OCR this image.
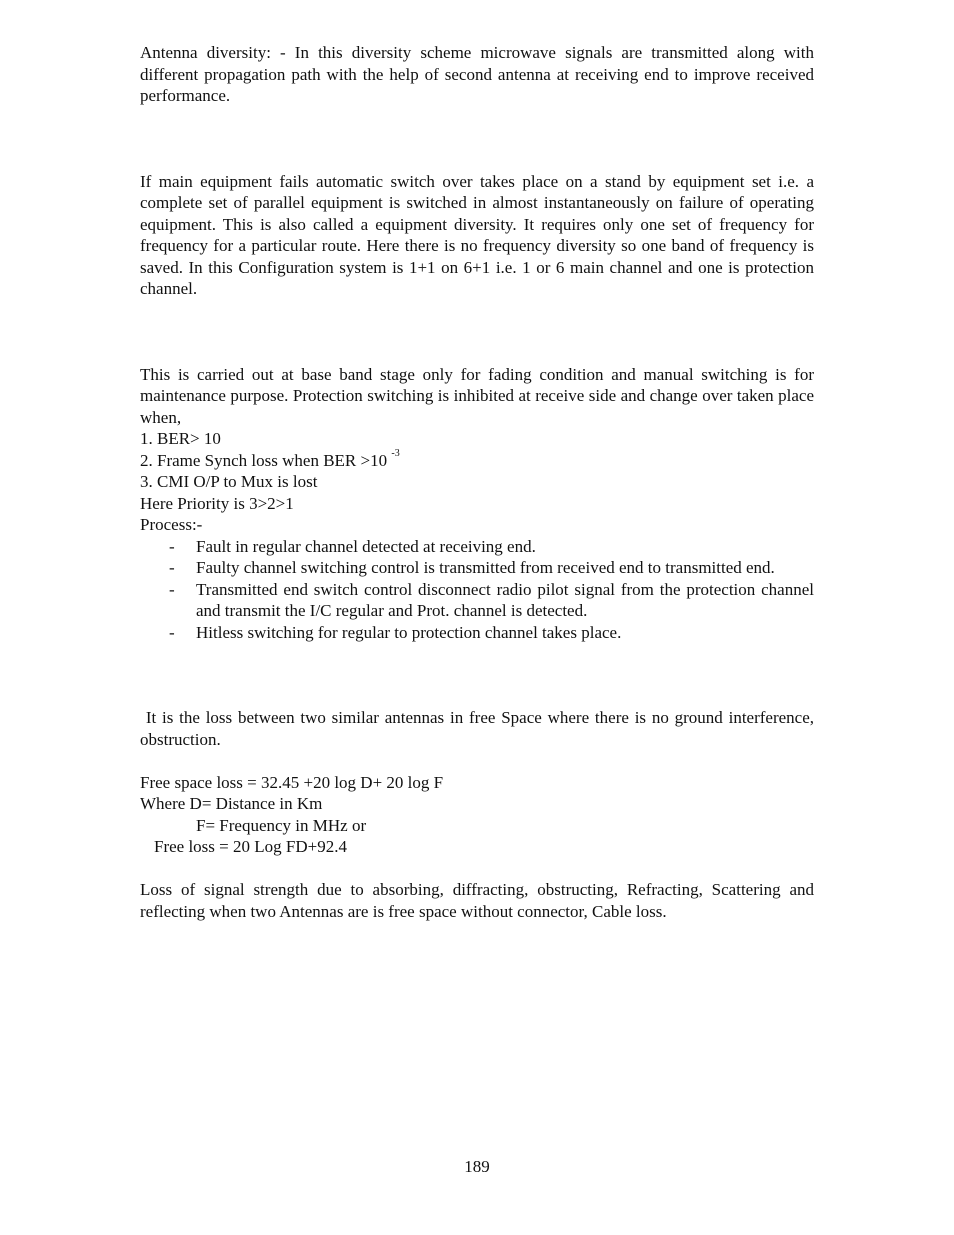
Antenna diversity: - In this diversity scheme microwave signals are transmitted along with different propagation path with the help of second antenna at receiving end to improve received performance.

If main equipment fails automatic switch over takes place on a stand by equipment set i.e. a complete set of parallel equipment is switched in almost instantaneously on failure of operating equipment. This is also called a equipment diversity. It requires only one set of frequency for frequency for a particular route. Here there is no frequency diversity so one band of frequency is saved. In this Configuration system is 1+1 on 6+1 i.e. 1 or 6 main channel and one is protection channel.

This is carried out at base band stage only for fading condition and manual switching is for maintenance purpose. Protection switching is inhibited at receive side and change over taken place when,

1. BER> 10

2. Frame Synch loss when BER >10 $^{-3}$

3. CMI O/P to Mux is lost

Here Priority is 3>2>1

Process:-

- Fault in regular channel detected at receiving end.
- Faulty channel switching control is transmitted from received end to transmitted end.
- Transmitted end switch control disconnect radio pilot signal from the protection channel and transmit the I/C regular and Prot. channel is detected.
- Hitless switching for regular to protection channel takes place.

It is the loss between two similar antennas in free Space where there is no ground interference, obstruction.

Free space loss = 32.45 +20 log D+ 20 log F

Where D= Distance in Km

F= Frequency in MHz or

Free loss = 20 Log FD+92.4

Loss of signal strength due to absorbing, diffracting, obstructing, Refracting, Scattering and reflecting when two Antennas are is free space without connector, Cable loss.

189
